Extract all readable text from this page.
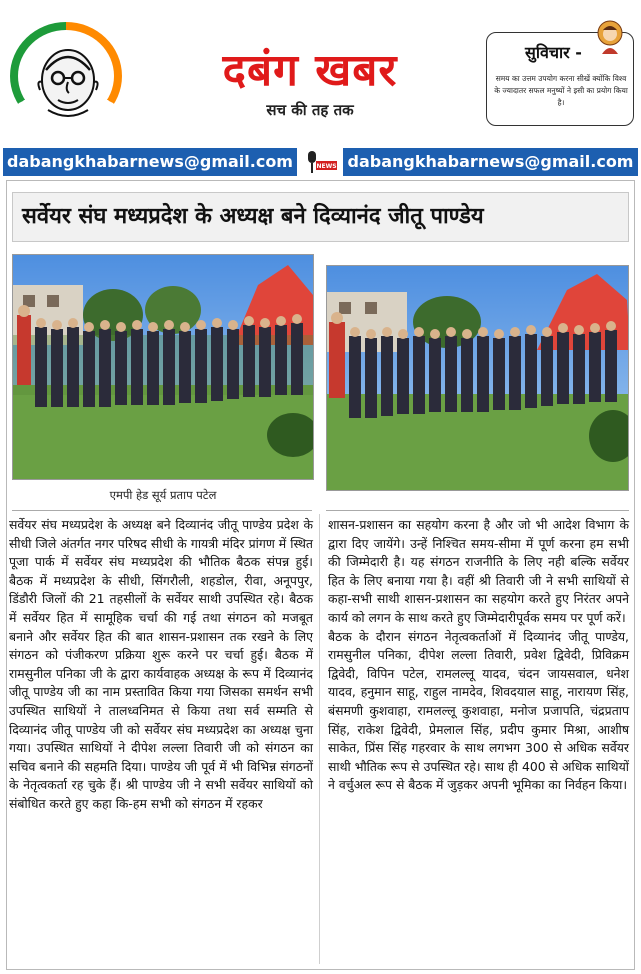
दबंग खबर
सच की तह तक
सुविचार -
समय का उत्तम उपयोग करना सीखें क्योंकि विश्व के ज्यादातर सफल मनुष्यों ने इसी का प्रयोग किया है।
dabangkhabarnews@gmail.com	NEWS dabangkhabarnews@gmail.com
सर्वेयर संघ मध्यप्रदेश के अध्यक्ष बने दिव्यानंद जीतू पाण्डेय
एमपी हेड सूर्य प्रताप पटेल

सर्वेयर संघ मध्यप्रदेश के अध्यक्ष बने दिव्यानंद जीतू पाण्डेय प्रदेश के सीधी जिले अंतर्गत नगर परिषद सीधी के गायत्री मंदिर प्रांगण में स्थित पूजा पार्क में सर्वेयर संघ मध्यप्रदेश की भौतिक बैठक संपन्न हुई। बैठक में मध्यप्रदेश के सीधी, सिंगरौली, शहडोल, रीवा, अनूपपुर, डिंडौरी जिलों की 21 तहसीलों के सर्वेयर साथी उपस्थित रहे। बैठक में सर्वेयर हित में सामूहिक चर्चा की गई तथा संगठन को मजबूत बनाने और सर्वेयर हित की बात शासन-प्रशासन तक रखने के लिए संगठन को पंजीकरण प्रक्रिया शुरू करने पर चर्चा हुई। बैठक में रामसुनील पनिका जी के द्वारा कार्यवाहक अध्यक्ष के रूप में दिव्यानंद जीतू पाण्डेय जी का नाम प्रस्तावित किया गया जिसका समर्थन सभी उपस्थित साथियों ने तालध्वनिमत से किया तथा सर्व सम्मति से दिव्यानंद जीतू पाण्डेय जी को सर्वेयर संघ मध्यप्रदेश का अध्यक्ष चुना गया। उपस्थित साथियों ने दीपेश लल्ला तिवारी जी को संगठन का सचिव बनाने की सहमति दिया। पाण्डेय जी पूर्व में भी विभिन्न संगठनों के नेतृत्वकर्ता रह चुके हैं। श्री पाण्डेय जी ने सभी सर्वेयर साथियों को संबोधित करते हुए कहा कि-हम सभी को संगठन में रहकर

शासन-प्रशासन का सहयोग करना है और जो भी आदेश विभाग के द्वारा दिए जायेंगे। उन्हें निश्चित समय-सीमा में पूर्ण करना हम सभी की जिम्मेदारी है। यह संगठन राजनीति के लिए नही बल्कि सर्वेयर हित के लिए बनाया गया है। वहीं श्री तिवारी जी ने सभी साथियों से कहा-सभी साथी शासन-प्रशासन का सहयोग करते हुए निरंतर अपने कार्य को लगन के साथ करते हुए जिम्मेदारीपूर्वक समय पर पूर्ण करें।

बैठक के दौरान संगठन नेतृत्वकर्ताओं में दिव्यानंद जीतू पाण्डेय, रामसुनील पनिका, दीपेश लल्ला तिवारी, प्रवेश द्विवेदी, प्रिविक्रम द्विवेदी, विपिन पटेल, रामलल्लू यादव, चंदन जायसवाल, धनेश यादव, हनुमान साहू, राहुल नामदेव, शिवदयाल साहू, नारायण सिंह, बंसमणी कुशवाहा, रामलल्लू कुशवाहा, मनोज प्रजापति, चंद्रप्रताप सिंह, राकेश द्विवेदी, प्रेमलाल सिंह, प्रदीप कुमार मिश्रा, आशीष साकेत, प्रिंस सिंह गहरवार के साथ लगभग 300 से अधिक सर्वेयर साथी भौतिक रूप से उपस्थित रहे। साथ ही 400 से अधिक साथियों ने वर्चुअल रूप से बैठक में जुड़कर अपनी भूमिका का निर्वहन किया।
